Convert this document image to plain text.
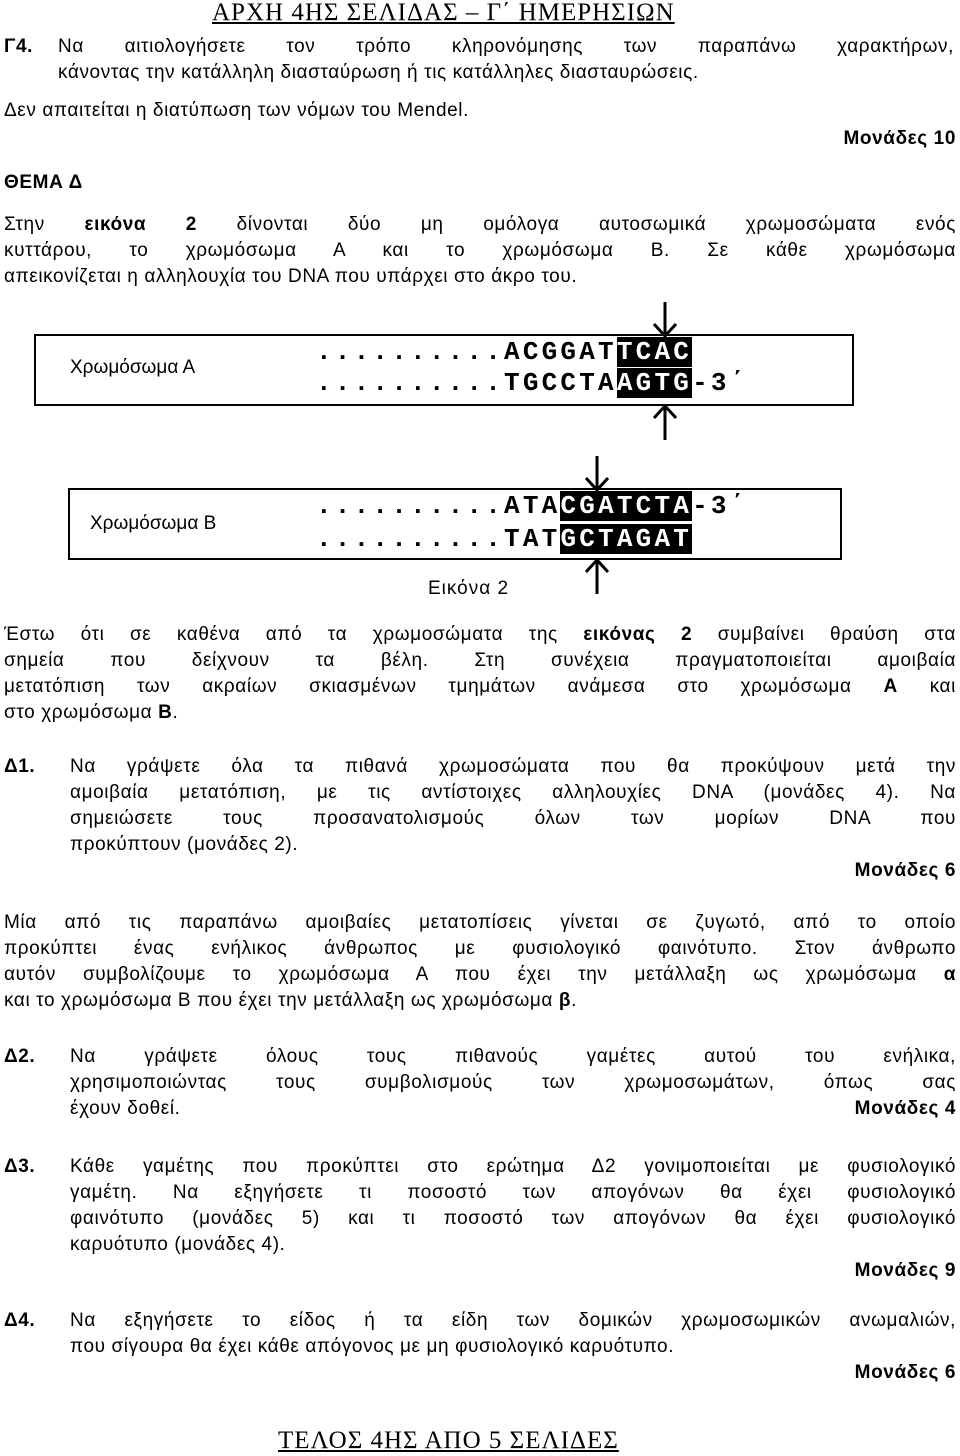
ΑΡΧΗ 4ΗΣ ΣΕΛΙΔΑΣ – Γ΄ ΗΜΕΡΗΣΙΩΝ
Γ4. Να αιτιολογήσετε τον τρόπο κληρονόμησης των παραπάνω χαρακτήρων,
κάνοντας την κατάλληλη διασταύρωση ή τις κατάλληλες διασταυρώσεις.
Δεν απαιτείται η διατύπωση των νόμων του Mendel.
Μονάδες 10
ΘΕΜΑ Δ
Στην εικόνα 2 δίνονται δύο μη ομόλογα αυτοσωμικά χρωμοσώματα ενός
κυττάρου, το χρωμόσωμα Α και το χρωμόσωμα Β. Σε κάθε χρωμόσωμα
απεικονίζεται η αλληλουχία του DNA που υπάρχει στο άκρο του.
Χρωμόσωμα Α
..........ACGGATTCAC
..........TGCCTAAGTG-3΄
Χρωμόσωμα Β
..........ATACGATCTA-3΄
..........TATGCTAGAT
Εικόνα 2
Έστω ότι σε καθένα από τα χρωμοσώματα της εικόνας 2 συμβαίνει θραύση στα
σημεία που δείχνουν τα βέλη. Στη συνέχεια πραγματοποιείται αμοιβαία
μετατόπιση των ακραίων σκιασμένων τμημάτων ανάμεσα στο χρωμόσωμα Α και
στο χρωμόσωμα Β.
Δ1. Να γράψετε όλα τα πιθανά χρωμοσώματα που θα προκύψουν μετά την
αμοιβαία μετατόπιση, με τις αντίστοιχες αλληλουχίες DNA (μονάδες 4). Να
σημειώσετε τους προσανατολισμούς όλων των μορίων DNA που
προκύπτουν (μονάδες 2).
Μονάδες 6
Μία από τις παραπάνω αμοιβαίες μετατοπίσεις γίνεται σε ζυγωτό, από το οποίο
προκύπτει ένας ενήλικος άνθρωπος με φυσιολογικό φαινότυπο. Στον άνθρωπο
αυτόν συμβολίζουμε το χρωμόσωμα Α που έχει την μετάλλαξη ως χρωμόσωμα α
και το χρωμόσωμα Β που έχει την μετάλλαξη ως χρωμόσωμα β.
Δ2. Να γράψετε όλους τους πιθανούς γαμέτες αυτού του ενήλικα,
χρησιμοποιώντας τους συμβολισμούς των χρωμοσωμάτων, όπως σας
έχουν δοθεί.	Μονάδες 4
Δ3. Κάθε γαμέτης που προκύπτει στο ερώτημα Δ2 γονιμοποιείται με φυσιολογικό
γαμέτη. Να εξηγήσετε τι ποσοστό των απογόνων θα έχει φυσιολογικό
φαινότυπο (μονάδες 5) και τι ποσοστό των απογόνων θα έχει φυσιολογικό
καρυότυπο (μονάδες 4).
Μονάδες 9
Δ4. Να εξηγήσετε το είδος ή τα είδη των δομικών χρωμοσωμικών ανωμαλιών,
που σίγουρα θα έχει κάθε απόγονος με μη φυσιολογικό καρυότυπο.
Μονάδες 6
ΤΕΛΟΣ 4ΗΣ ΑΠΟ 5 ΣΕΛΙΔΕΣ
